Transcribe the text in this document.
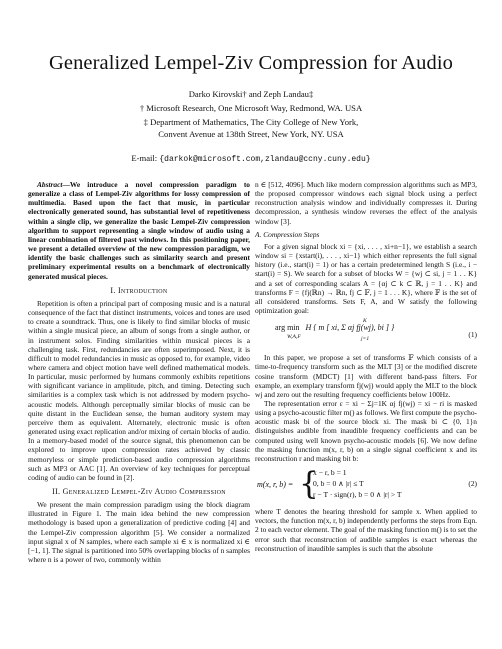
Generalized Lempel-Ziv Compression for Audio
Darko Kirovski† and Zeph Landau‡
† Microsoft Research, One Microsoft Way, Redmond, WA. USA
‡ Department of Mathematics, The City College of New York,
Convent Avenue at 138th Street, New York, NY. USA
E-mail: {darkok@microsoft.com,zlandau@ccny.cuny.edu}

Abstract—We introduce a novel compression paradigm to generalize a class of Lempel-Ziv algorithms for lossy compression of multimedia. Based upon the fact that music, in particular electronically generated sound, has substantial level of repetitiveness within a single clip, we generalize the basic Lempel-Ziv compression algorithm to support representing a single window of audio using a linear combination of filtered past windows. In this positioning paper, we present a detailed overview of the new compression paradigm, we identify the basic challenges such as similarity search and present preliminary experimental results on a benchmark of electronically generated musical pieces.

I. Introduction

Repetition is often a principal part of composing music and is a natural consequence of the fact that distinct instruments, voices and tones are used to create a soundtrack. Thus, one is likely to find similar blocks of music within a single musical piece, an album of songs from a single author, or in instrument solos. Finding similarities within musical pieces is a challenging task. First, redundancies are often superimposed. Next, it is difficult to model redundancies in music as opposed to, for example, video where camera and object motion have well defined mathematical models. In particular, music performed by humans commonly exhibits repetitions with significant variance in amplitude, pitch, and timing. Detecting such similarities is a complex task which is not addressed by modern psycho-acoustic models. Although perceptually similar blocks of music can be quite distant in the Euclidean sense, the human auditory system may perceive them as equivalent. Alternately, electronic music is often generated using exact replication and/or mixing of certain blocks of audio. In a memory-based model of the source signal, this phenomenon can be explored to improve upon compression rates achieved by classic memoryless or simple prediction-based audio compression algorithms such as MP3 or AAC [1]. An overview of key techniques for perceptual coding of audio can be found in [2].

II. Generalized Lempel-Ziv Audio Compression

We present the main compression paradigm using the block diagram illustrated in Figure 1. The main idea behind the new compression methodology is based upon a generalization of predictive coding [4] and the Lempel-Ziv compression algorithm [5]. We consider a normalized input signal x of N samples, where each sample xi ∈ x is normalized xi ∈ [−1, 1]. The signal is partitioned into 50% overlapping blocks of n samples where n is a power of two, commonly within

n ∈ [512, 4096]. Much like modern compression algorithms such as MP3, the proposed compressor windows each signal block using a perfect reconstruction analysis window and individually compresses it. During decompression, a synthesis window reverses the effect of the analysis window [3].

A. Compression Steps

For a given signal block xi = {xi, . . . , xi+n−1}, we establish a search window si = {xstart(i), . . . , xi−1} which either represents the full signal history (i.e., start(i) = 1) or has a certain predetermined length S (i.e., i − start(i) = S). We search for a subset of blocks W = {wj ⊂ si, j = 1 . . K} and a set of corresponding scalars A = {αj ⊂ k ⊂ ℝ, j = 1 . . K} and transforms F = {fj(ℝn) → ℝn, fj ⊂ 𝔽, j = 1 . . . K}, where 𝔽 is the set of all considered transforms. Sets F, A, and W satisfy the following optimization goal:

arg min
W,A,F
H { m [ xi, Σ αj fj(wj), bi ] }
K
j=1	(1)

In this paper, we propose a set of transforms 𝔽 which consists of a time-to-frequency transform such as the MLT [3] or the modified discrete cosine transform (MDCT) [1] with different band-pass filters. For example, an exemplary transform fj(wj) would apply the MLT to the block wj and zero out the resulting frequency coefficients below 100Hz.

The representation error ε = xi − Σj=1K αj fj(wj) = xi − ri is masked using a psycho-acoustic filter m() as follows. We first compute the psycho-acoustic mask bi of the source block xi. The mask bi ⊂ {0, 1}n distinguishes audible from inaudible frequency coefficients and can be computed using well known psycho-acoustic models [6]. We now define the masking function m(x, r, b) on a single signal coefficient x and its reconstruction r and masking bit b:

m(x, r, b) = {
x − r, b = 1
0, b = 0 ∧ |r| ≤ T
r − T · sign(r), b = 0 ∧ |r| > T
(2)

where T denotes the hearing threshold for sample x. When applied to vectors, the function m(x, r, b) independently performs the steps from Eqn. 2 to each vector element. The goal of the masking function m() is to set the error such that reconstruction of audible samples is exact whereas the reconstruction of inaudible samples is such that the absolute
